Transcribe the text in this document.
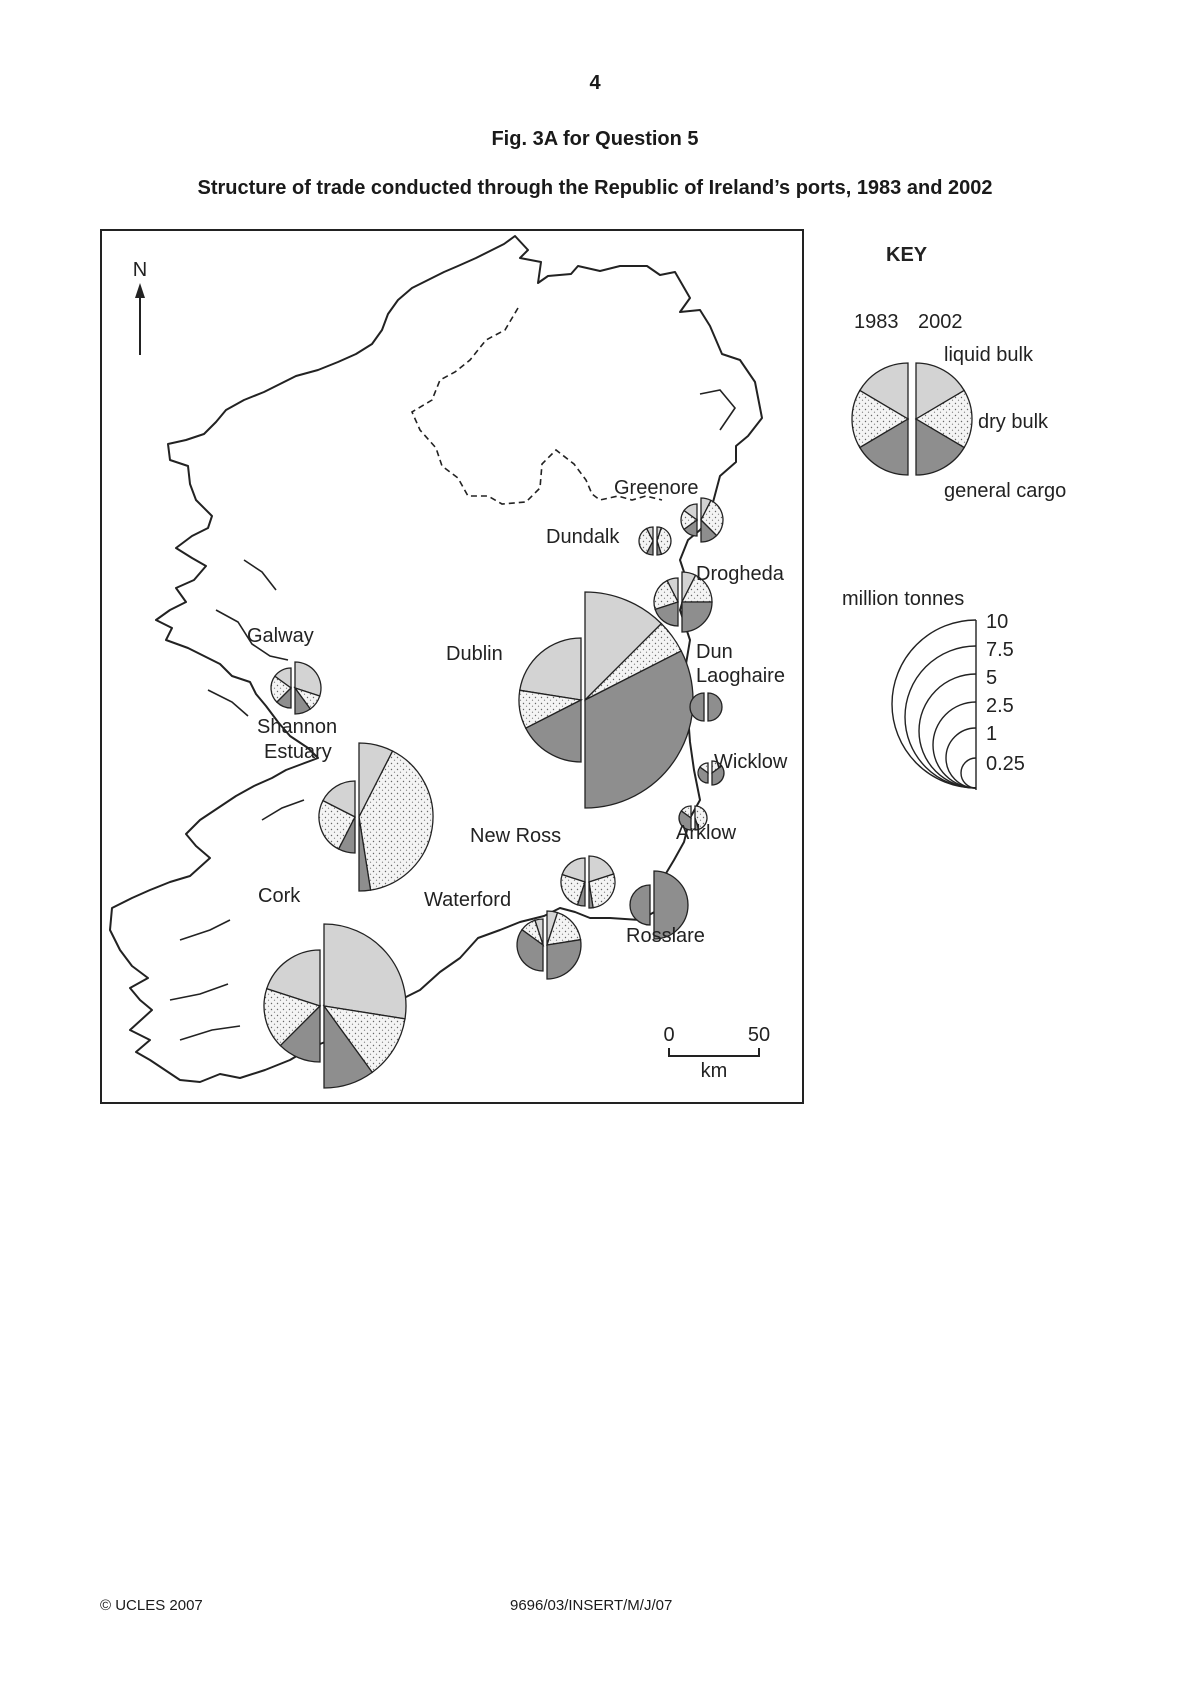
4
Fig. 3A for Question 5
Structure of trade conducted through the Republic of Ireland’s ports, 1983 and 2002
N
Greenore
Dundalk
Drogheda
Dublin	Dun
Laoghaire
Wicklow
Arklow
New Ross
Waterford
Rosslare
Cork
Shannon
Estuary
Galway
0	50
km
KEY
1983 2002
liquid bulk
dry bulk
general cargo
million tonnes
10
7.5
5
2.5
1
0.25
© UCLES 2007	9696/03/INSERT/M/J/07
